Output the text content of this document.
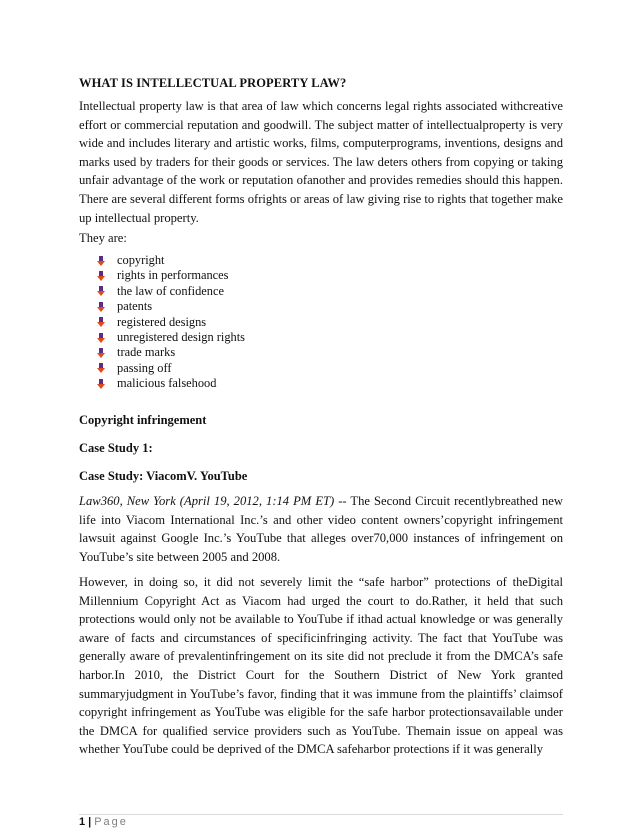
WHAT IS INTELLECTUAL PROPERTY LAW?

Intellectual property law is that area of law which concerns legal rights associated withcreative effort or commercial reputation and goodwill. The subject matter of intellectualproperty is very wide and includes literary and artistic works, films, computerprograms, inventions, designs and marks used by traders for their goods or services. The law deters others from copying or taking unfair advantage of the work or reputation ofanother and provides remedies should this happen. There are several different forms ofrights or areas of law giving rise to rights that together make up intellectual property.

They are:
copyright
rights in performances
the law of confidence
patents
registered designs
unregistered design rights
trade marks
passing off
malicious falsehood
Copyright infringement
Case Study 1:
Case Study: ViacomV. YouTube

Law360, New York (April 19, 2012, 1:14 PM ET) -- The Second Circuit recentlybreathed new life into Viacom International Inc.’s and other video content owners’copyright infringement lawsuit against Google Inc.’s YouTube that alleges over70,000 instances of infringement on YouTube’s site between 2005 and 2008.

However, in doing so, it did not severely limit the “safe harbor” protections of theDigital Millennium Copyright Act as Viacom had urged the court to do.Rather, it held that such protections would only not be available to YouTube if ithad actual knowledge or was generally aware of facts and circumstances of specificinfringing activity. The fact that YouTube was generally aware of prevalentinfringement on its site did not preclude it from the DMCA’s safe harbor.In 2010, the District Court for the Southern District of New York granted summaryjudgment in YouTube’s favor, finding that it was immune from the plaintiffs’ claimsof copyright infringement as YouTube was eligible for the safe harbor protectionsavailable under the DMCA for qualified service providers such as YouTube. Themain issue on appeal was whether YouTube could be deprived of the DMCA safeharbor protections if it was generally

1 | Page
